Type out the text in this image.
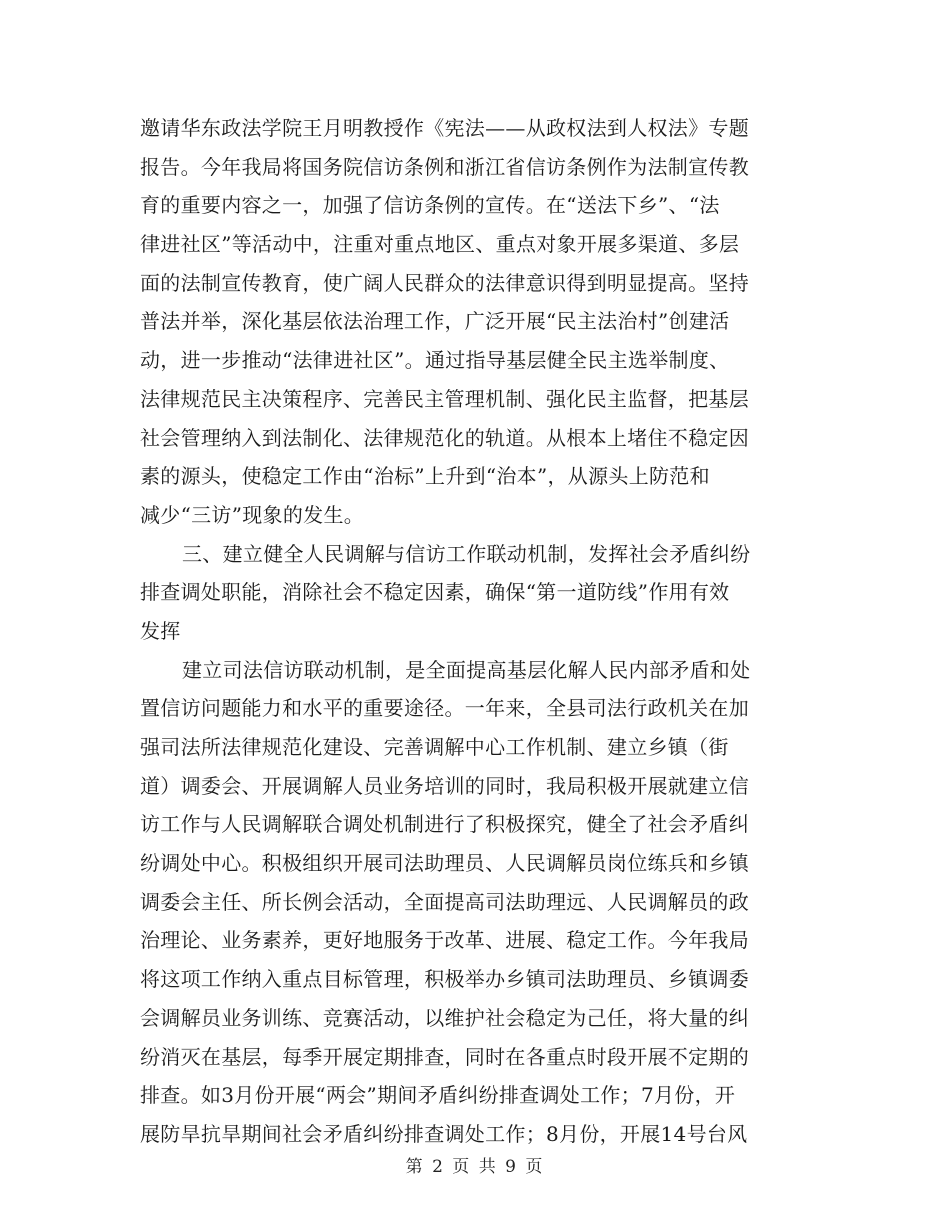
邀请华东政法学院王月明教授作《宪法——从政权法到人权法》专题
报告。今年我局将国务院信访条例和浙江省信访条例作为法制宣传教
育的重要内容之一，加强了信访条例的宣传。在“送法下乡”、“法
律进社区”等活动中，注重对重点地区、重点对象开展多渠道、多层
面的法制宣传教育，使广阔人民群众的法律意识得到明显提高。坚持
普法并举，深化基层依法治理工作，广泛开展“民主法治村”创建活
动，进一步推动“法律进社区”。通过指导基层健全民主选举制度、
法律规范民主决策程序、完善民主管理机制、强化民主监督，把基层
社会管理纳入到法制化、法律规范化的轨道。从根本上堵住不稳定因
素的源头，使稳定工作由“治标”上升到“治本”，从源头上防范和
减少“三访”现象的发生。
三、建立健全人民调解与信访工作联动机制，发挥社会矛盾纠纷
排查调处职能，消除社会不稳定因素，确保“第一道防线”作用有效
发挥
建立司法信访联动机制，是全面提高基层化解人民内部矛盾和处
置信访问题能力和水平的重要途径。一年来，全县司法行政机关在加
强司法所法律规范化建设、完善调解中心工作机制、建立乡镇（街
道）调委会、开展调解人员业务培训的同时，我局积极开展就建立信
访工作与人民调解联合调处机制进行了积极探究，健全了社会矛盾纠
纷调处中心。积极组织开展司法助理员、人民调解员岗位练兵和乡镇
调委会主任、所长例会活动，全面提高司法助理远、人民调解员的政
治理论、业务素养，更好地服务于改革、进展、稳定工作。今年我局
将这项工作纳入重点目标管理，积极举办乡镇司法助理员、乡镇调委
会调解员业务训练、竞赛活动，以维护社会稳定为己任，将大量的纠
纷消灭在基层，每季开展定期排查，同时在各重点时段开展不定期的
排查。如3月份开展“两会”期间矛盾纠纷排查调处工作；7月份，开
展防旱抗旱期间社会矛盾纠纷排查调处工作；8月份，开展14号台风
第 2 页 共 9 页
